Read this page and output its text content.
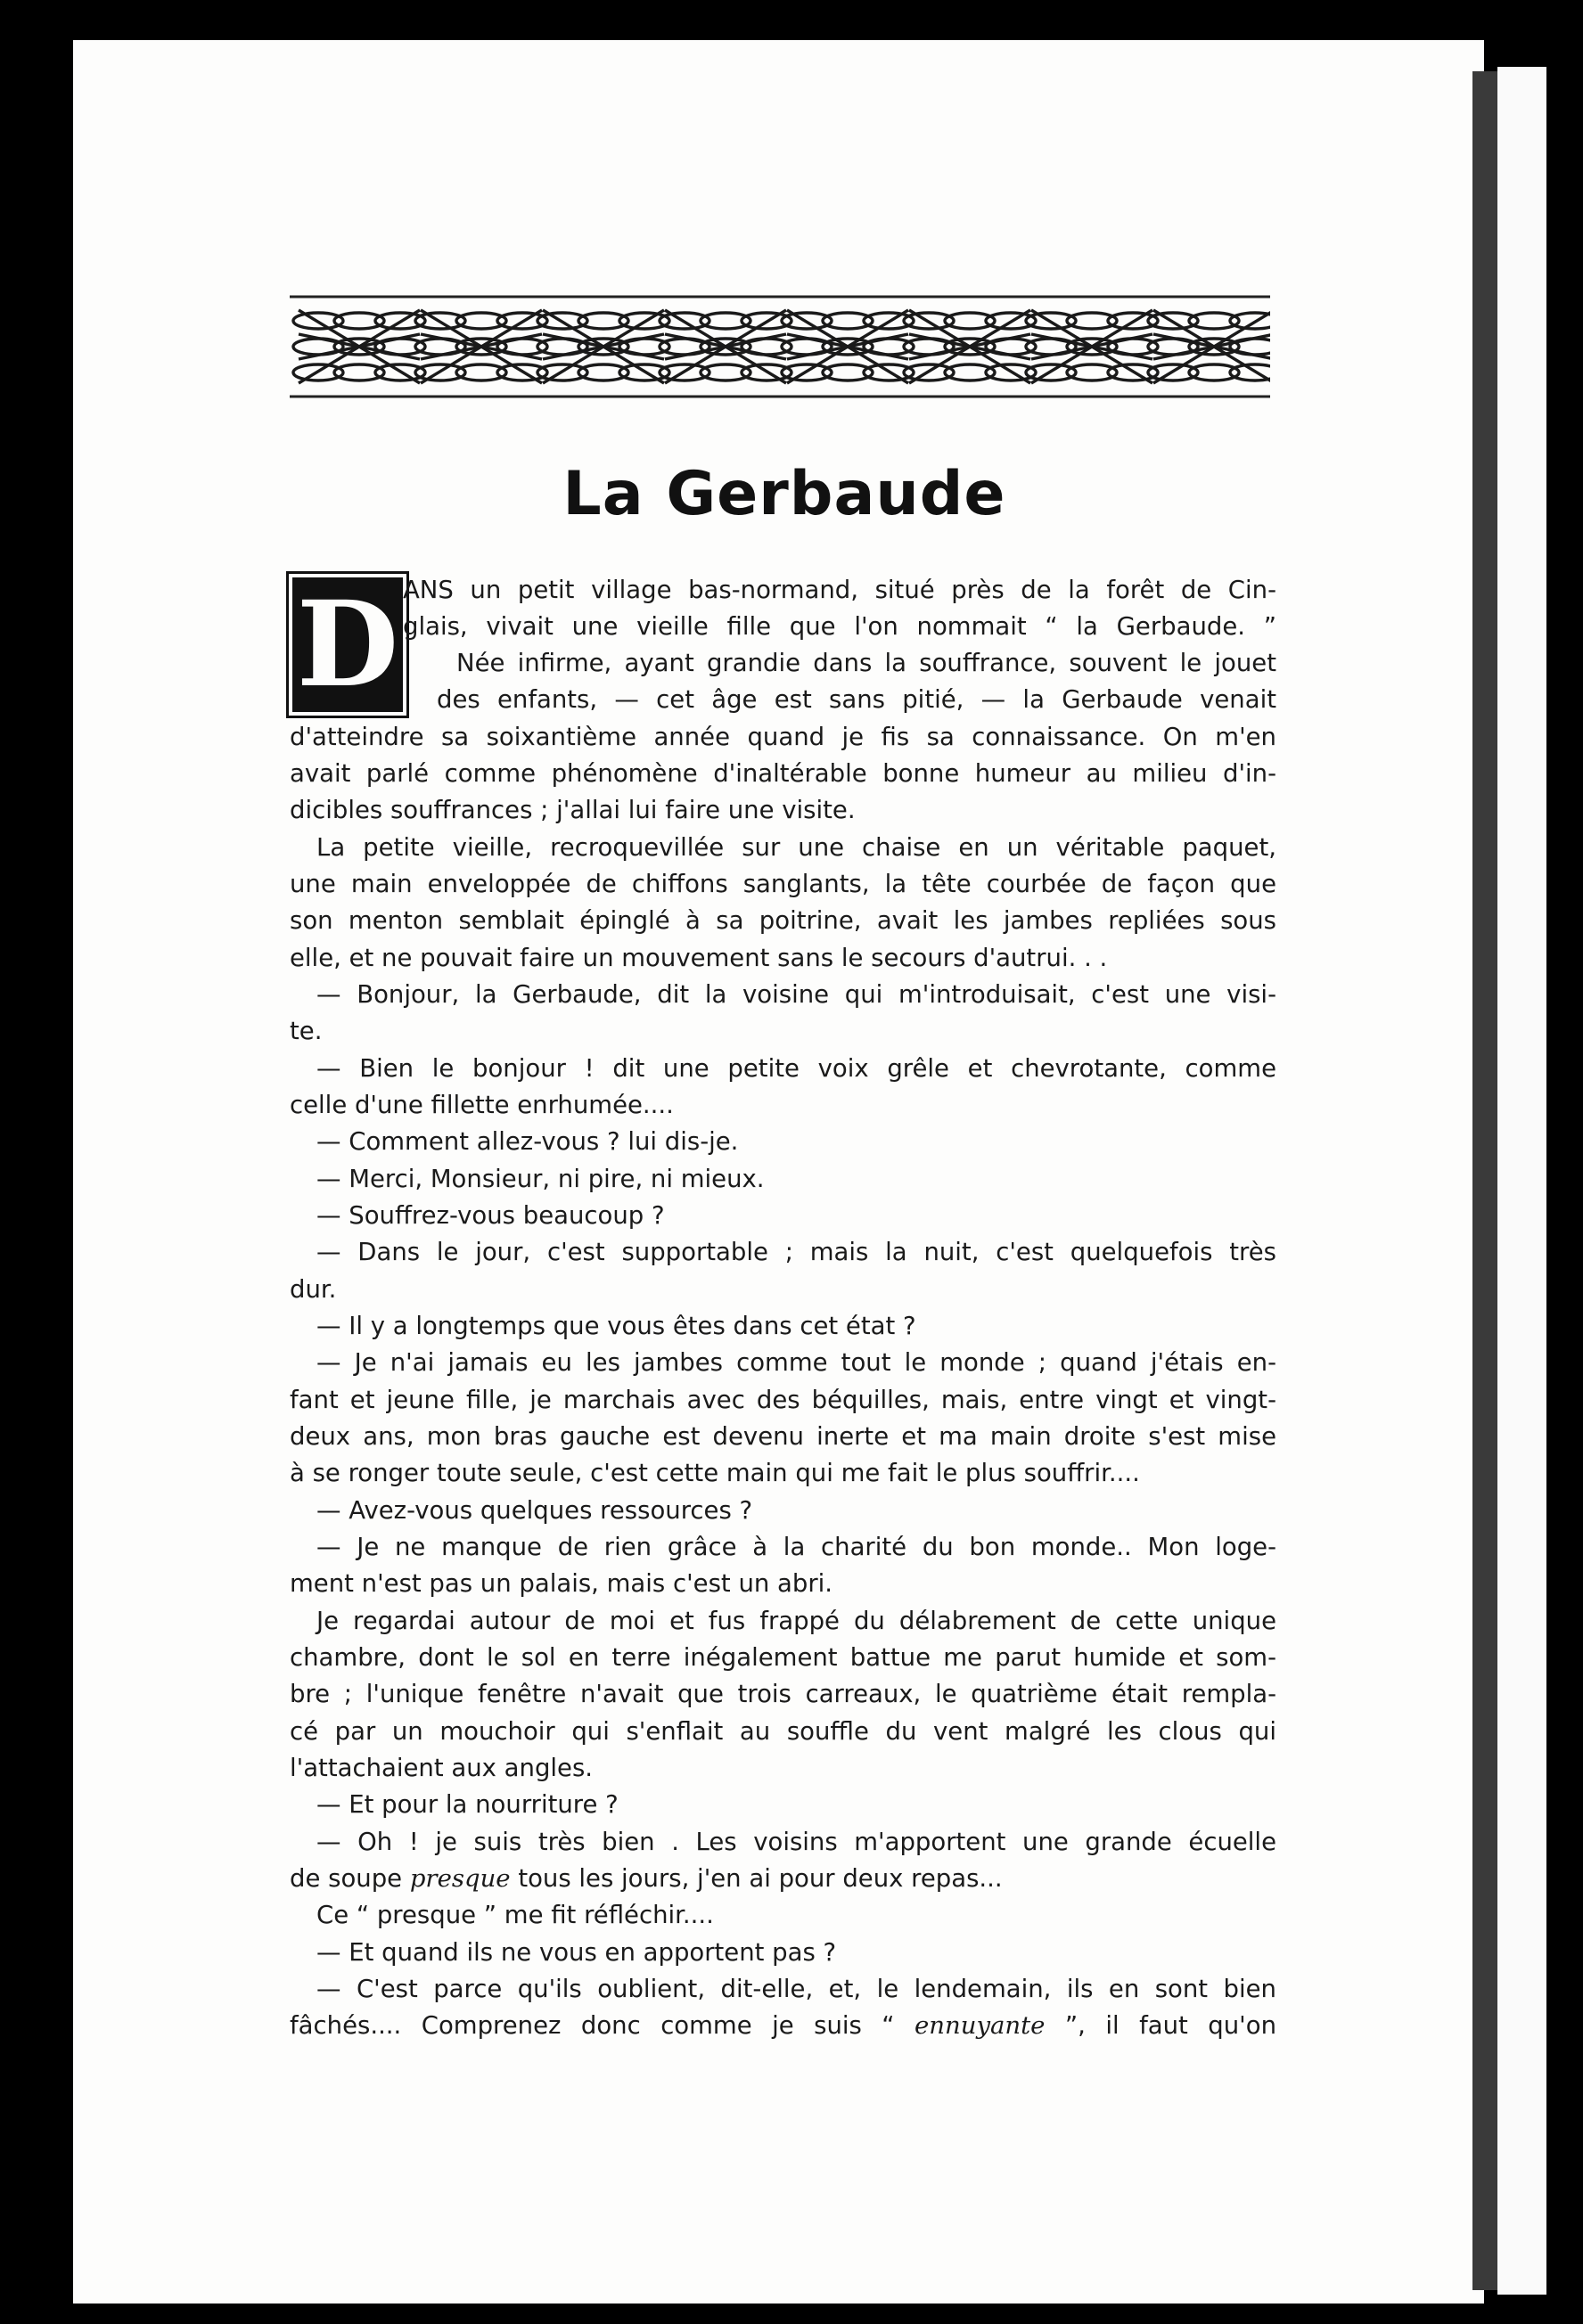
La Gerbaude
D ANS un petit village bas-normand, situé près de la forêt de Cin-
glais, vivait une vieille fille que l'on nommait “ la Gerbaude. ”
Née infirme, ayant grandie dans la souffrance, souvent le jouet
des enfants, — cet âge est sans pitié, — la Gerbaude venait
d'atteindre sa soixantième année quand je fis sa connaissance. On m'en
avait parlé comme phénomène d'inaltérable bonne humeur au milieu d'in-
dicibles souffrances ; j'allai lui faire une visite.
La petite vieille, recroquevillée sur une chaise en un véritable paquet,
une main enveloppée de chiffons sanglants, la tête courbée de façon que
son menton semblait épinglé à sa poitrine, avait les jambes repliées sous
elle, et ne pouvait faire un mouvement sans le secours d'autrui. . .
— Bonjour, la Gerbaude, dit la voisine qui m'introduisait, c'est une visi-
te.
— Bien le bonjour ! dit une petite voix grêle et chevrotante, comme
celle d'une fillette enrhumée....
— Comment allez-vous ? lui dis-je.
— Merci, Monsieur, ni pire, ni mieux.
— Souffrez-vous beaucoup ?
— Dans le jour, c'est supportable ; mais la nuit, c'est quelquefois très
dur.
— Il y a longtemps que vous êtes dans cet état ?
— Je n'ai jamais eu les jambes comme tout le monde ; quand j'étais en-
fant et jeune fille, je marchais avec des béquilles, mais, entre vingt et vingt-
deux ans, mon bras gauche est devenu inerte et ma main droite s'est mise
à se ronger toute seule, c'est cette main qui me fait le plus souffrir....
— Avez-vous quelques ressources ?
— Je ne manque de rien grâce à la charité du bon monde.. Mon loge-
ment n'est pas un palais, mais c'est un abri.
Je regardai autour de moi et fus frappé du délabrement de cette unique
chambre, dont le sol en terre inégalement battue me parut humide et som-
bre ; l'unique fenêtre n'avait que trois carreaux, le quatrième était rempla-
cé par un mouchoir qui s'enflait au souffle du vent malgré les clous qui
l'attachaient aux angles.
— Et pour la nourriture ?
— Oh ! je suis très bien . Les voisins m'apportent une grande écuelle
de soupe presque tous les jours, j'en ai pour deux repas...
Ce “ presque ” me fit réfléchir....
— Et quand ils ne vous en apportent pas ?
— C'est parce qu'ils oublient, dit-elle, et, le lendemain, ils en sont bien
fâchés.... Comprenez donc comme je suis “ ennuyante ”, il faut qu'on
